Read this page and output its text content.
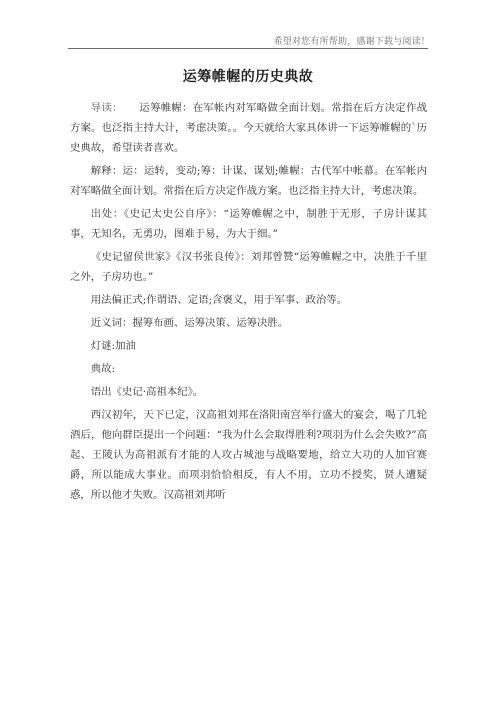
希望对您有所帮助，感谢下载与阅读！
运筹帷幄的历史典故

导读： 运筹帷幄：在军帐内对军略做全面计划。常指在后方决定作战方案。也泛指主持大计，考虑决策。。今天就给大家具体讲一下运筹帷幄的`历史典故，希望读者喜欢。

解释：运：运转，变动;筹：计谋、谋划;帷幄：古代军中帐幕。在军帐内对军略做全面计划。常指在后方决定作战方案。也泛指主持大计，考虑决策。

出处：《史记太史公自序》：“运筹帷幄之中，制胜于无形，子房计谋其事，无知名，无勇功，图难于易，为大于细。”

《史记留侯世家》《汉书张良传》：刘邦曾赞“运筹帷幄之中，决胜于千里之外，子房功也。”

用法偏正式;作谓语、定语;含褒义，用于军事、政治等。

近义词：握筹布画、运筹决策、运筹决胜。

灯谜:加油

典故:

语出《史记·高祖本纪》。

西汉初年，天下已定，汉高祖刘邦在洛阳南宫举行盛大的宴会，喝了几轮酒后，他向群臣提出一个问题：“我为什么会取得胜利?项羽为什么会失败?”高起、王陵认为高祖派有才能的人攻占城池与战略要地，给立大功的人加官赛爵，所以能成大事业。而项羽恰恰相反，有人不用，立功不授奖，贤人遭疑惑，所以他才失败。汉高祖刘邦听
